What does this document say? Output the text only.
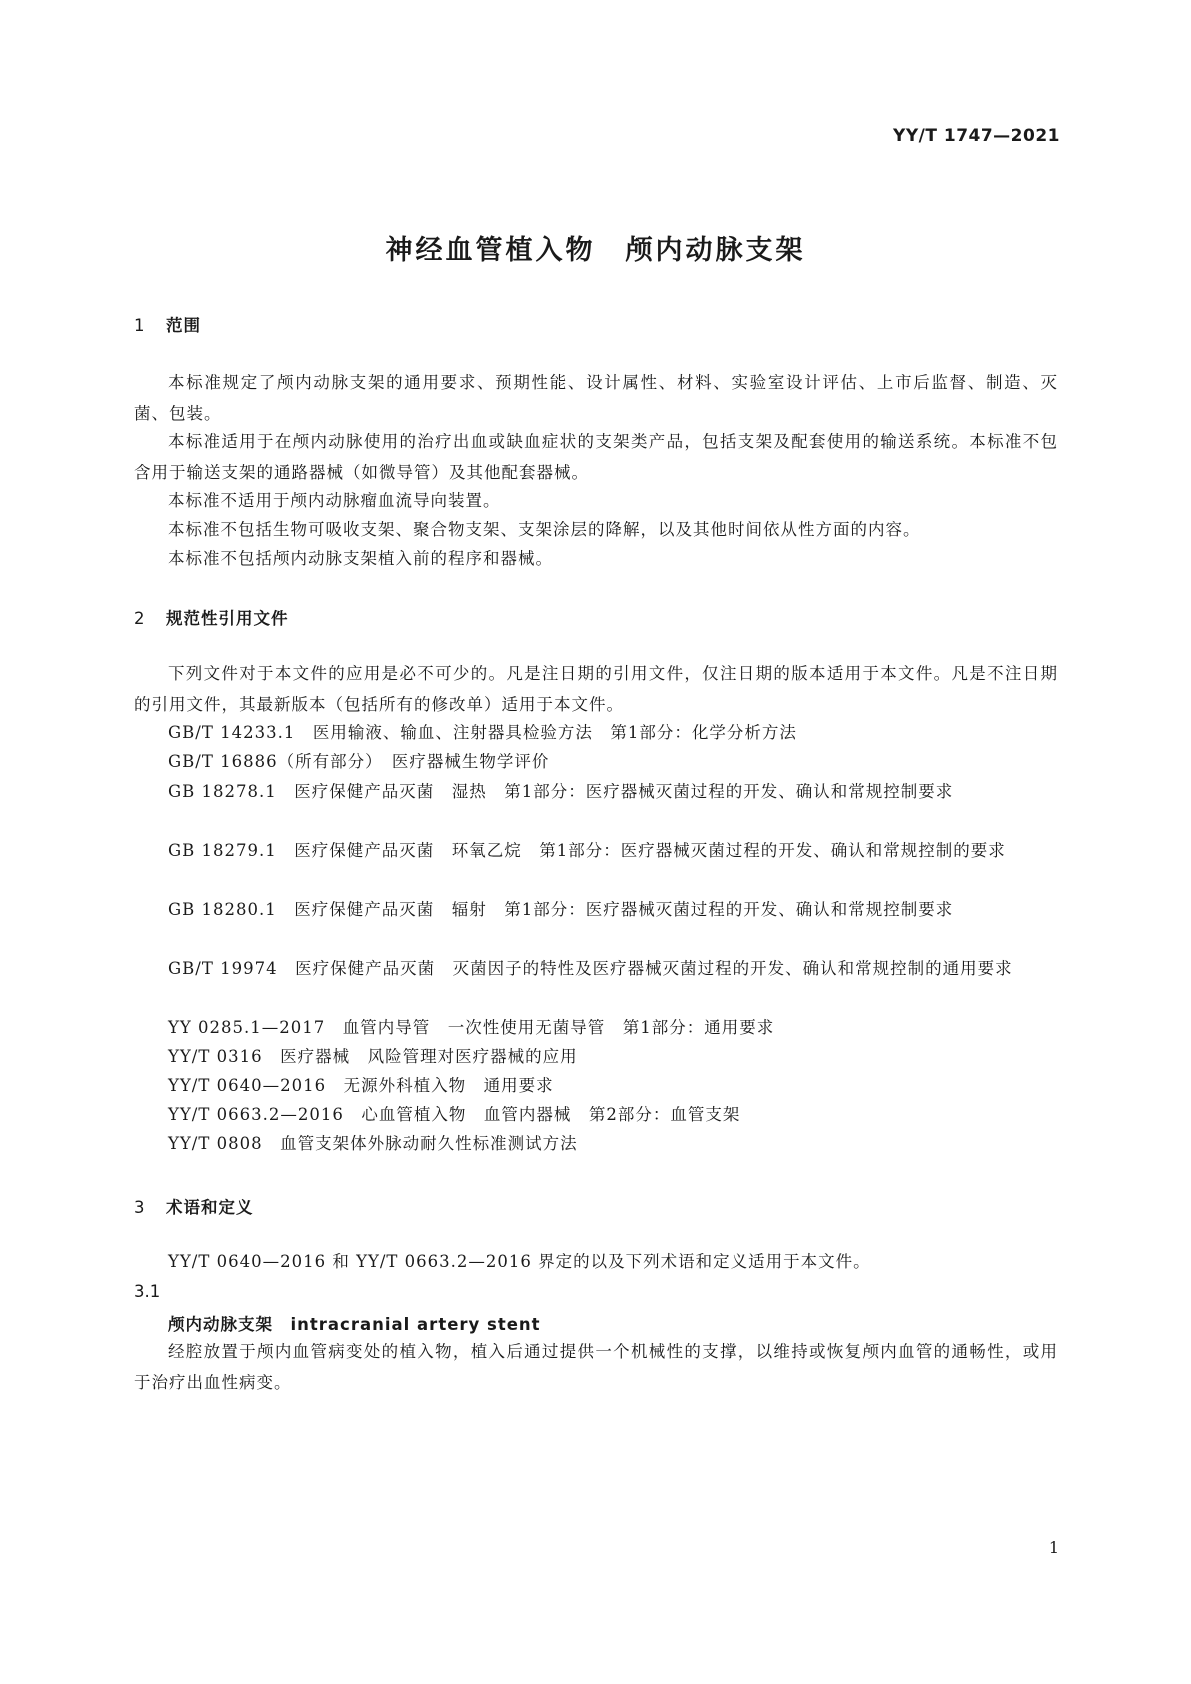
YY/T 1747—2021
神经血管植入物　颅内动脉支架
1 范围

本标准规定了颅内动脉支架的通用要求、预期性能、设计属性、材料、实验室设计评估、上市后监督、制造、灭菌、包装。

本标准适用于在颅内动脉使用的治疗出血或缺血症状的支架类产品，包括支架及配套使用的输送系统。本标准不包含用于输送支架的通路器械（如微导管）及其他配套器械。

本标准不适用于颅内动脉瘤血流导向装置。

本标准不包括生物可吸收支架、聚合物支架、支架涂层的降解，以及其他时间依从性方面的内容。

本标准不包括颅内动脉支架植入前的程序和器械。

2 规范性引用文件

下列文件对于本文件的应用是必不可少的。凡是注日期的引用文件，仅注日期的版本适用于本文件。凡是不注日期的引用文件，其最新版本（包括所有的修改单）适用于本文件。

GB/T 14233.1　医用输液、输血、注射器具检验方法　第1部分：化学分析方法

GB/T 16886（所有部分）　医疗器械生物学评价

GB 18278.1　医疗保健产品灭菌　湿热　第1部分：医疗器械灭菌过程的开发、确认和常规控制要求

GB 18279.1　医疗保健产品灭菌　环氧乙烷　第1部分：医疗器械灭菌过程的开发、确认和常规控制的要求

GB 18280.1　医疗保健产品灭菌　辐射　第1部分：医疗器械灭菌过程的开发、确认和常规控制要求

GB/T 19974　医疗保健产品灭菌　灭菌因子的特性及医疗器械灭菌过程的开发、确认和常规控制的通用要求

YY 0285.1—2017　血管内导管　一次性使用无菌导管　第1部分：通用要求

YY/T 0316　医疗器械　风险管理对医疗器械的应用

YY/T 0640—2016　无源外科植入物　通用要求

YY/T 0663.2—2016　心血管植入物　血管内器械　第2部分：血管支架

YY/T 0808　血管支架体外脉动耐久性标准测试方法

3 术语和定义

YY/T 0640—2016 和 YY/T 0663.2—2016 界定的以及下列术语和定义适用于本文件。

3.1
颅内动脉支架　intracranial artery stent

经腔放置于颅内血管病变处的植入物，植入后通过提供一个机械性的支撑，以维持或恢复颅内血管的通畅性，或用于治疗出血性病变。

1
